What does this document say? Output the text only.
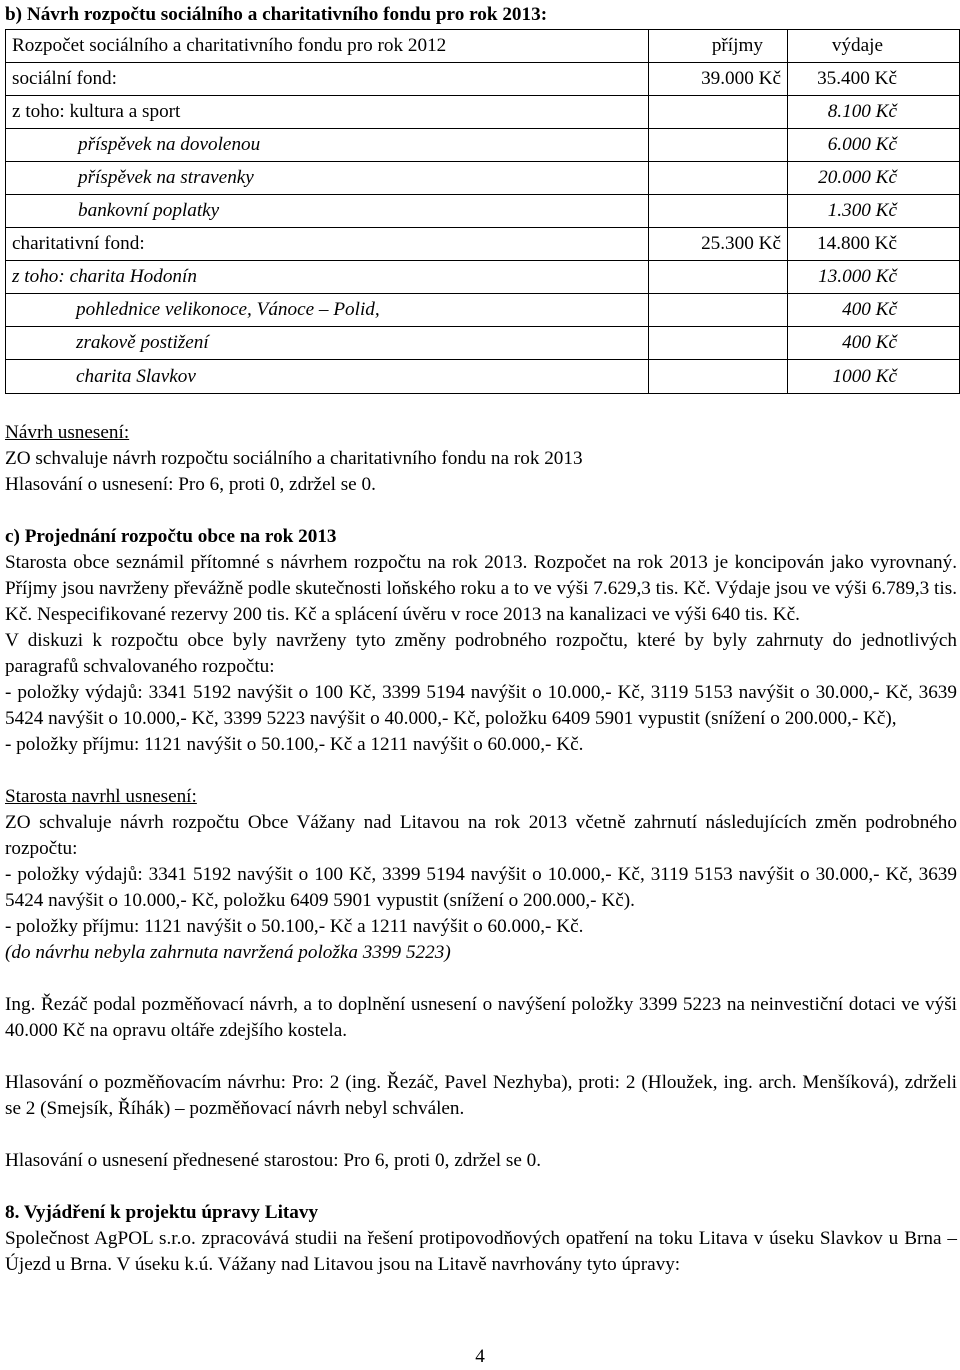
b) Návrh rozpočtu sociálního a charitativního fondu pro rok 2013:
Rozpočet sociálního a charitativního fondu pro rok 2012	příjmy	výdaje
sociální fond:	39.000 Kč	35.400 Kč
z toho: kultura a sport		8.100 Kč
příspěvek na dovolenou		6.000 Kč
příspěvek na stravenky		20.000 Kč
bankovní poplatky		1.300 Kč
charitativní fond:	25.300 Kč	14.800 Kč
z toho: charita Hodonín		13.000 Kč
pohlednice velikonoce, Vánoce – Polid,		400 Kč
zrakově postižení		400 Kč
charita Slavkov		1000 Kč
Návrh usnesení:
ZO schvaluje návrh rozpočtu sociálního a charitativního fondu na rok 2013
Hlasování o usnesení: Pro 6, proti 0, zdržel se 0.
c) Projednání rozpočtu obce na rok 2013

Starosta obce seznámil přítomné s návrhem rozpočtu na rok 2013. Rozpočet na rok 2013 je koncipován jako vyrovnaný. Příjmy jsou navrženy převážně podle skutečnosti loňského roku a to ve výši 7.629,3 tis. Kč. Výdaje jsou ve výši 6.789,3 tis. Kč. Nespecifikované rezervy 200 tis. Kč a splácení úvěru v roce 2013 na kanalizaci ve výši 640 tis. Kč.

V diskuzi k rozpočtu obce byly navrženy tyto změny podrobného rozpočtu, které by byly zahrnuty do jednotlivých paragrafů schvalovaného rozpočtu:

- položky výdajů: 3341 5192 navýšit o 100 Kč, 3399 5194 navýšit o 10.000,- Kč, 3119 5153 navýšit o 30.000,- Kč, 3639 5424 navýšit o 10.000,- Kč, 3399 5223 navýšit o 40.000,- Kč, položku 6409 5901 vypustit (snížení o 200.000,- Kč),

- položky příjmu: 1121 navýšit o 50.100,- Kč a 1211 navýšit o 60.000,- Kč.

Starosta navrhl usnesení:

ZO schvaluje návrh rozpočtu Obce Vážany nad Litavou na rok 2013 včetně zahrnutí následujících změn podrobného rozpočtu:

- položky výdajů: 3341 5192 navýšit o 100 Kč, 3399 5194 navýšit o 10.000,- Kč, 3119 5153 navýšit o 30.000,- Kč, 3639 5424 navýšit o 10.000,- Kč, položku 6409 5901 vypustit (snížení o 200.000,- Kč).

- položky příjmu: 1121 navýšit o 50.100,- Kč a 1211 navýšit o 60.000,- Kč.

(do návrhu nebyla zahrnuta navržená položka 3399 5223)

Ing. Řezáč podal pozměňovací návrh, a to doplnění usnesení o navýšení položky 3399 5223 na neinvestiční dotaci ve výši 40.000 Kč na opravu oltáře zdejšího kostela.

Hlasování o pozměňovacím návrhu: Pro: 2 (ing. Řezáč, Pavel Nezhyba), proti: 2 (Hloužek, ing. arch. Menšíková), zdrželi se 2 (Smejsík, Říhák) – pozměňovací návrh nebyl schválen.

Hlasování o usnesení přednesené starostou: Pro 6, proti 0, zdržel se 0.

8. Vyjádření k projektu úpravy Litavy

Společnost AgPOL s.r.o. zpracovává studii na řešení protipovodňových opatření na toku Litava v úseku Slavkov u Brna – Újezd u Brna. V úseku k.ú. Vážany nad Litavou jsou na Litavě navrhovány tyto úpravy:

4
